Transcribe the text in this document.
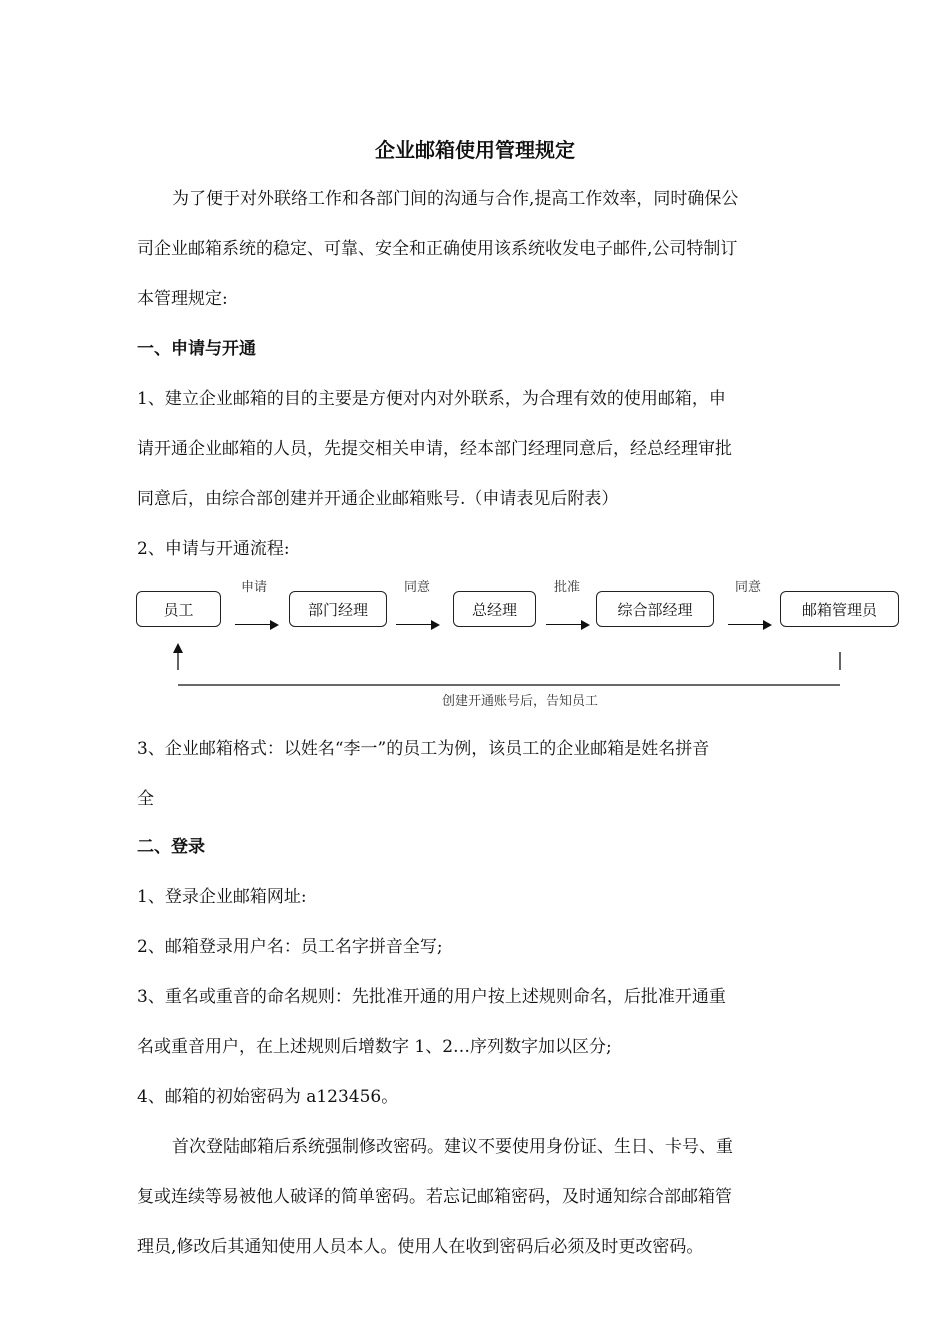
企业邮箱使用管理规定

为了便于对外联络工作和各部门间的沟通与合作,提高工作效率，同时确保公

司企业邮箱系统的稳定、可靠、安全和正确使用该系统收发电子邮件,公司特制订

本管理规定:

一、申请与开通

1、建立企业邮箱的目的主要是方便对内对外联系，为合理有效的使用邮箱，申

请开通企业邮箱的人员，先提交相关申请，经本部门经理同意后，经总经理审批

同意后，由综合部创建并开通企业邮箱账号.（申请表见后附表）

2、申请与开通流程:

员工	部门经理	总经理	综合部经理	邮箱管理员
申请	同意	批准	同意
创建开通账号后，告知员工

3、企业邮箱格式：以姓名“李一”的员工为例，该员工的企业邮箱是姓名拼音

全

二、登录

1、登录企业邮箱网址:

2、邮箱登录用户名：员工名字拼音全写;

3、重名或重音的命名规则：先批准开通的用户按上述规则命名，后批准开通重

名或重音用户，在上述规则后增数字 1、2…序列数字加以区分;

4、邮箱的初始密码为 a123456。

首次登陆邮箱后系统强制修改密码。建议不要使用身份证、生日、卡号、重

复或连续等易被他人破译的简单密码。若忘记邮箱密码，及时通知综合部邮箱管

理员,修改后其通知使用人员本人。使用人在收到密码后必须及时更改密码。
